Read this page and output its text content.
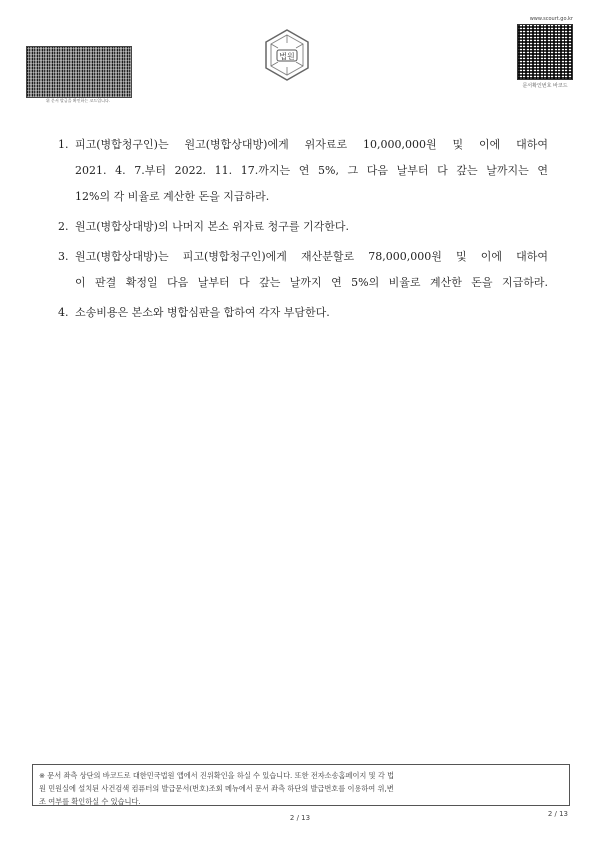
위 문서 발급을 확인하는 코드입니다.
법원
www.scourt.go.kr
문서확인번호 바코드
1. 피고(병합청구인)는 원고(병합상대방)에게 위자료로 10,000,000원 및 이에 대하여
2021. 4. 7.부터 2022. 11. 17.까지는 연 5%, 그 다음 날부터 다 갚는 날까지는 연
12%의 각 비율로 계산한 돈을 지급하라.
2. 원고(병합상대방)의 나머지 본소 위자료 청구를 기각한다.
3. 원고(병합상대방)는 피고(병합청구인)에게 재산분할로 78,000,000원 및 이에 대하여
이 판결 확정일 다음 날부터 다 갚는 날까지 연 5%의 비율로 계산한 돈을 지급하라.
4. 소송비용은 본소와 병합심판을 합하여 각자 부담한다.
※ 문서 좌측 상단의 바코드로 대한민국법원 앱에서 진위확인을 하실 수 있습니다. 또한 전자소송홈페이지 및 각 법
원 민원실에 설치된 사건검색 컴퓨터의 발급문서(번호)조회 메뉴에서 문서 좌측 하단의 발급번호를 이용하여 위,변
조 여부를 확인하실 수 있습니다.
2 / 13	2 / 13
